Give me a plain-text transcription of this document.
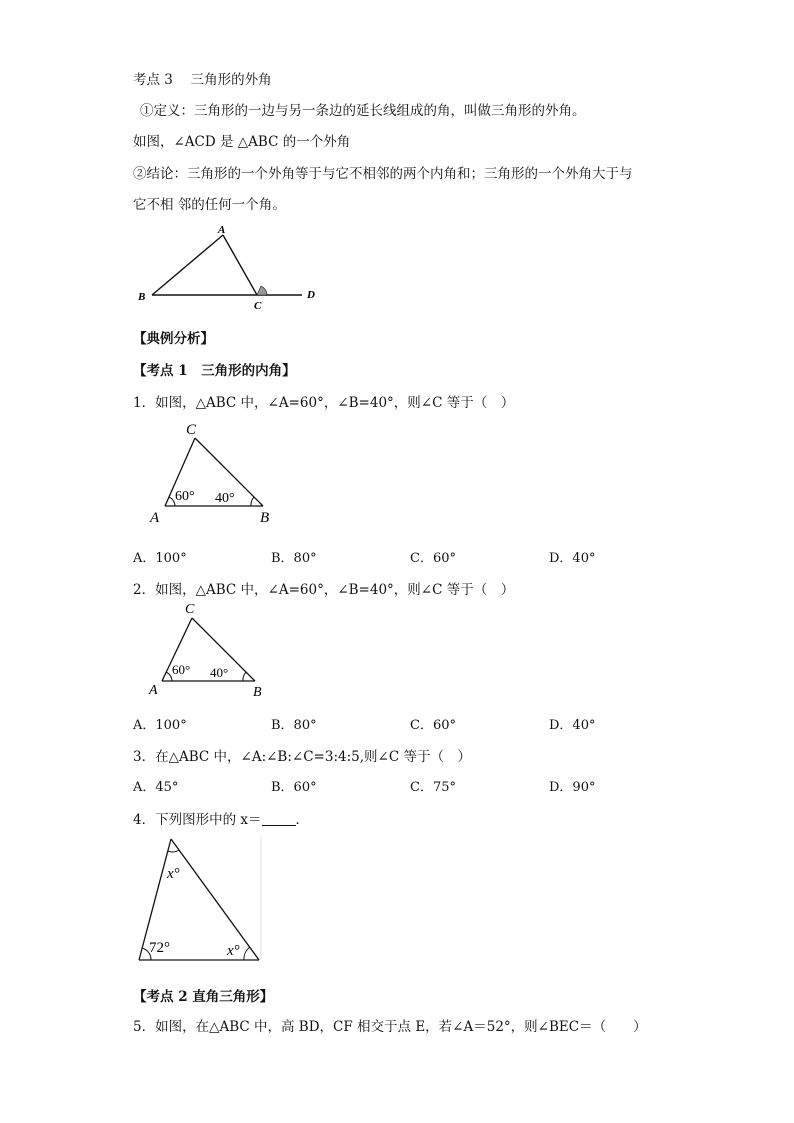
考点 3　 三角形的外角
①定义：三角形的一边与另一条边的延长线组成的角，叫做三角形的外角。
如图，∠ACD 是 △ABC 的一个外角
②结论：三角形的一个外角等于与它不相邻的两个内角和；三角形的一个外角大于与
它不相 邻的任何一个角。
A
B
C
D
【典例分析】
【考点 1　三角形的内角】
1．如图，△ABC 中，∠A=60°，∠B=40°，则∠C 等于（　）
C
A	B
60° 40°
A．100°	B．80°	C．60°	D．40°
2．如图，△ABC 中，∠A=60°，∠B=40°，则∠C 等于（　）
C
A	B
60° 40°
A．100°	B．80°	C．60°	D．40°
3．在△ABC 中，∠A:∠B:∠C=3:4:5,则∠C 等于（　）
A．45°	B．60°	C．75°	D．90°
4．下列图形中的 x＝	．
x°
72°	x°
【考点 2 直角三角形】
5．如图，在△ABC 中，高 BD，CF 相交于点 E，若∠A＝52°，则∠BEC＝（　　）
